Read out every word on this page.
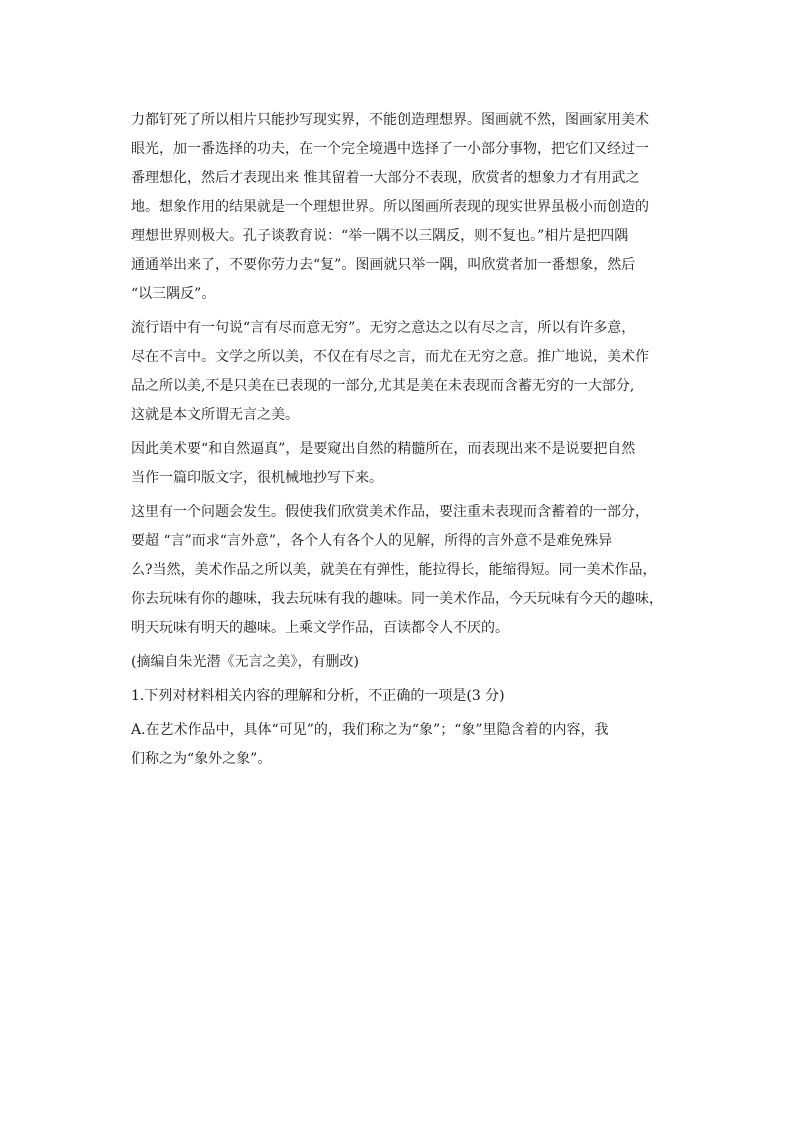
力都钉死了所以相片只能抄写现实界，不能创造理想界。图画就不然，图画家用美术
眼光，加一番选择的功夫，在一个完全境遇中选择了一小部分事物，把它们又经过一
番理想化，然后才表现出来 惟其留着一大部分不表现，欣赏者的想象力才有用武之
地。想象作用的结果就是一个理想世界。所以图画所表现的现实世界虽极小而创造的
理想世界则极大。孔子谈教育说：“举一隅不以三隅反，则不复也。”相片是把四隅
通通举出来了，不要你劳力去“复”。图画就只举一隅，叫欣赏者加一番想象，然后
“以三隅反”。
流行语中有一句说“言有尽而意无穷”。无穷之意达之以有尽之言，所以有许多意，
尽在不言中。文学之所以美，不仅在有尽之言，而尤在无穷之意。推广地说，美术作
品之所以美,不是只美在已表现的一部分,尤其是美在未表现而含蓄无穷的一大部分,
这就是本文所谓无言之美。
因此美术要“和自然逼真”，是要窥出自然的精髓所在，而表现出来不是说要把自然
当作一篇印版文字，很机械地抄写下来。
这里有一个问题会发生。假使我们欣赏美术作品，要注重未表现而含蓄着的一部分，
要超 “言”而求“言外意”，各个人有各个人的见解，所得的言外意不是难免殊异
么?当然，美术作品之所以美，就美在有弹性，能拉得长，能缩得短。同一美术作品，
你去玩味有你的趣味，我去玩味有我的趣味。同一美术作品，今天玩味有今天的趣味，
明天玩味有明天的趣味。上乘文学作品，百读都令人不厌的。
(摘编自朱光潜《无言之美》，有删改)
1.下列对材料相关内容的理解和分析，不正确的一项是(3 分)
A.在艺术作品中，具体“可见”的，我们称之为“象”；“象”里隐含着的内容，我
们称之为“象外之象”。
